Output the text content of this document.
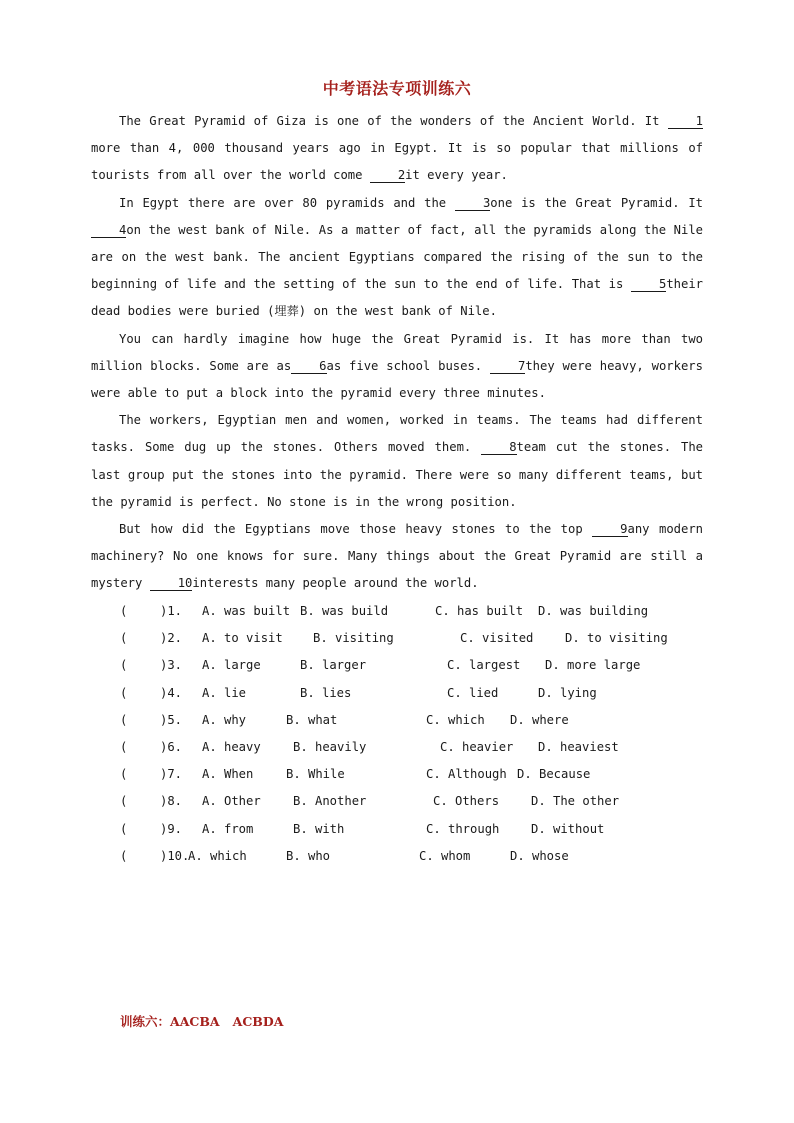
中考语法专项训练六

The Great Pyramid of Giza is one of the wonders of the Ancient World. It 1more than 4, 000 thousand years ago in Egypt. It is so popular that millions of tourists from all over the world come 2it every year.

In Egypt there are over 80 pyramids and the 3one is the Great Pyramid. It4on the west bank of Nile. As a matter of fact, all the pyramids along the Nile are on the west bank. The ancient Egyptians compared the rising of the sun to the beginning of life and the setting of the sun to the end of life. That is 5their dead bodies were buried (埋葬) on the west bank of Nile.

You can hardly imagine how huge the Great Pyramid is. It has more than two million blocks. Some are as 6as five school buses. 7they were heavy, workers were able to put a block into the pyramid every three minutes.

The workers, Egyptian men and women, worked in teams. The teams had different tasks. Some dug up the stones. Others moved them. 8team cut the stones. The last group put the stones into the pyramid. There were so many different teams, but the pyramid is perfect. No stone is in the wrong position.

But how did the Egyptians move those heavy stones to the top 9any modern machinery? No one knows for sure. Many things about the Great Pyramid are still a mystery 10interests many people around the world.

(	)1. A. was built B. was build	C. has built D. was building
(	)2. A. to visit B. visiting	C. visited	D. to visiting
(	)3. A. large	B. larger	C. largest D. more large
(	)4. A. lie	B. lies	C. lied	D. lying
(	)5. A. why	B. what	C. which D. where
(	)6. A. heavy	B. heavily	C. heavier D. heaviest
(	)7. A. When	B. While	C. Although D. Because
(	)8. A. Other	B. Another	C. Others	D. The other
(	)9. A. from	B. with	C. through	D. without
(	)10.
A. which	B. who	C. whom	D. whose
训练六：AACBA   ACBDA
